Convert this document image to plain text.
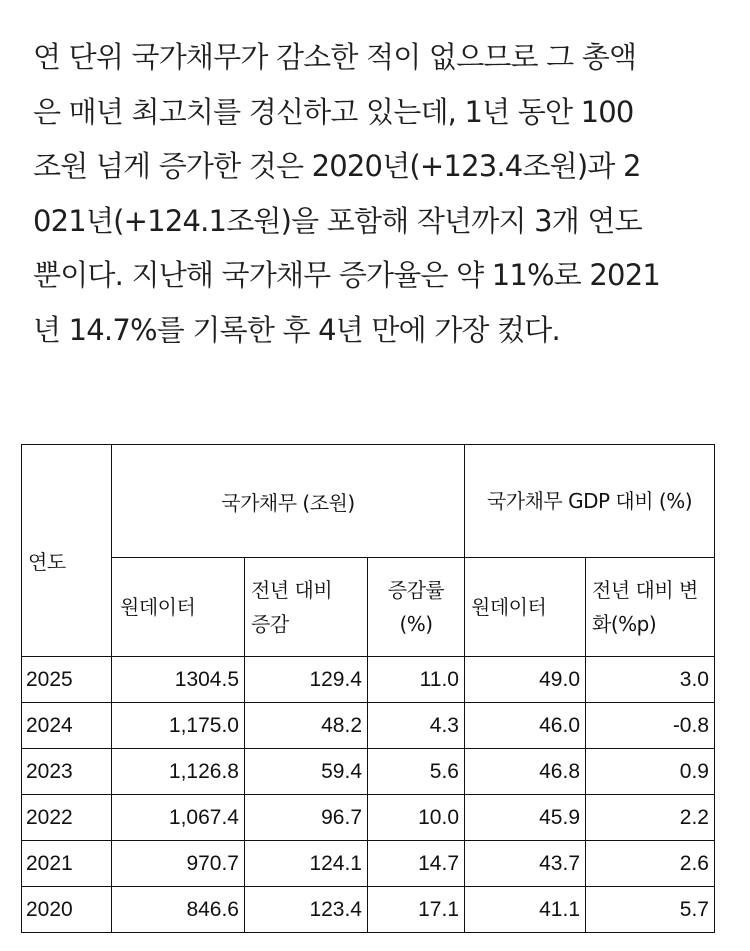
연 단위 국가채무가 감소한 적이 없으므로 그 총액
은 매년 최고치를 경신하고 있는데, 1년 동안 100
조원 넘게 증가한 것은 2020년(+123.4조원)과 2
021년(+124.1조원)을 포함해 작년까지 3개 연도
뿐이다. 지난해 국가채무 증가율은 약 11%로 2021
년 14.7%를 기록한 후 4년 만에 가장 컸다.
연도	국가채무 (조원)			국가채무 GDP 대비 (%)	
	원데이터	전년 대비 증감	증감률 (%)	원데이터	전년 대비 변화(%p)
2025	1304.5	129.4	11.0	49.0	3.0
2024	1,175.0	48.2	4.3	46.0	-0.8
2023	1,126.8	59.4	5.6	46.8	0.9
2022	1,067.4	96.7	10.0	45.9	2.2
2021	970.7	124.1	14.7	43.7	2.6
2020	846.6	123.4	17.1	41.1	5.7
